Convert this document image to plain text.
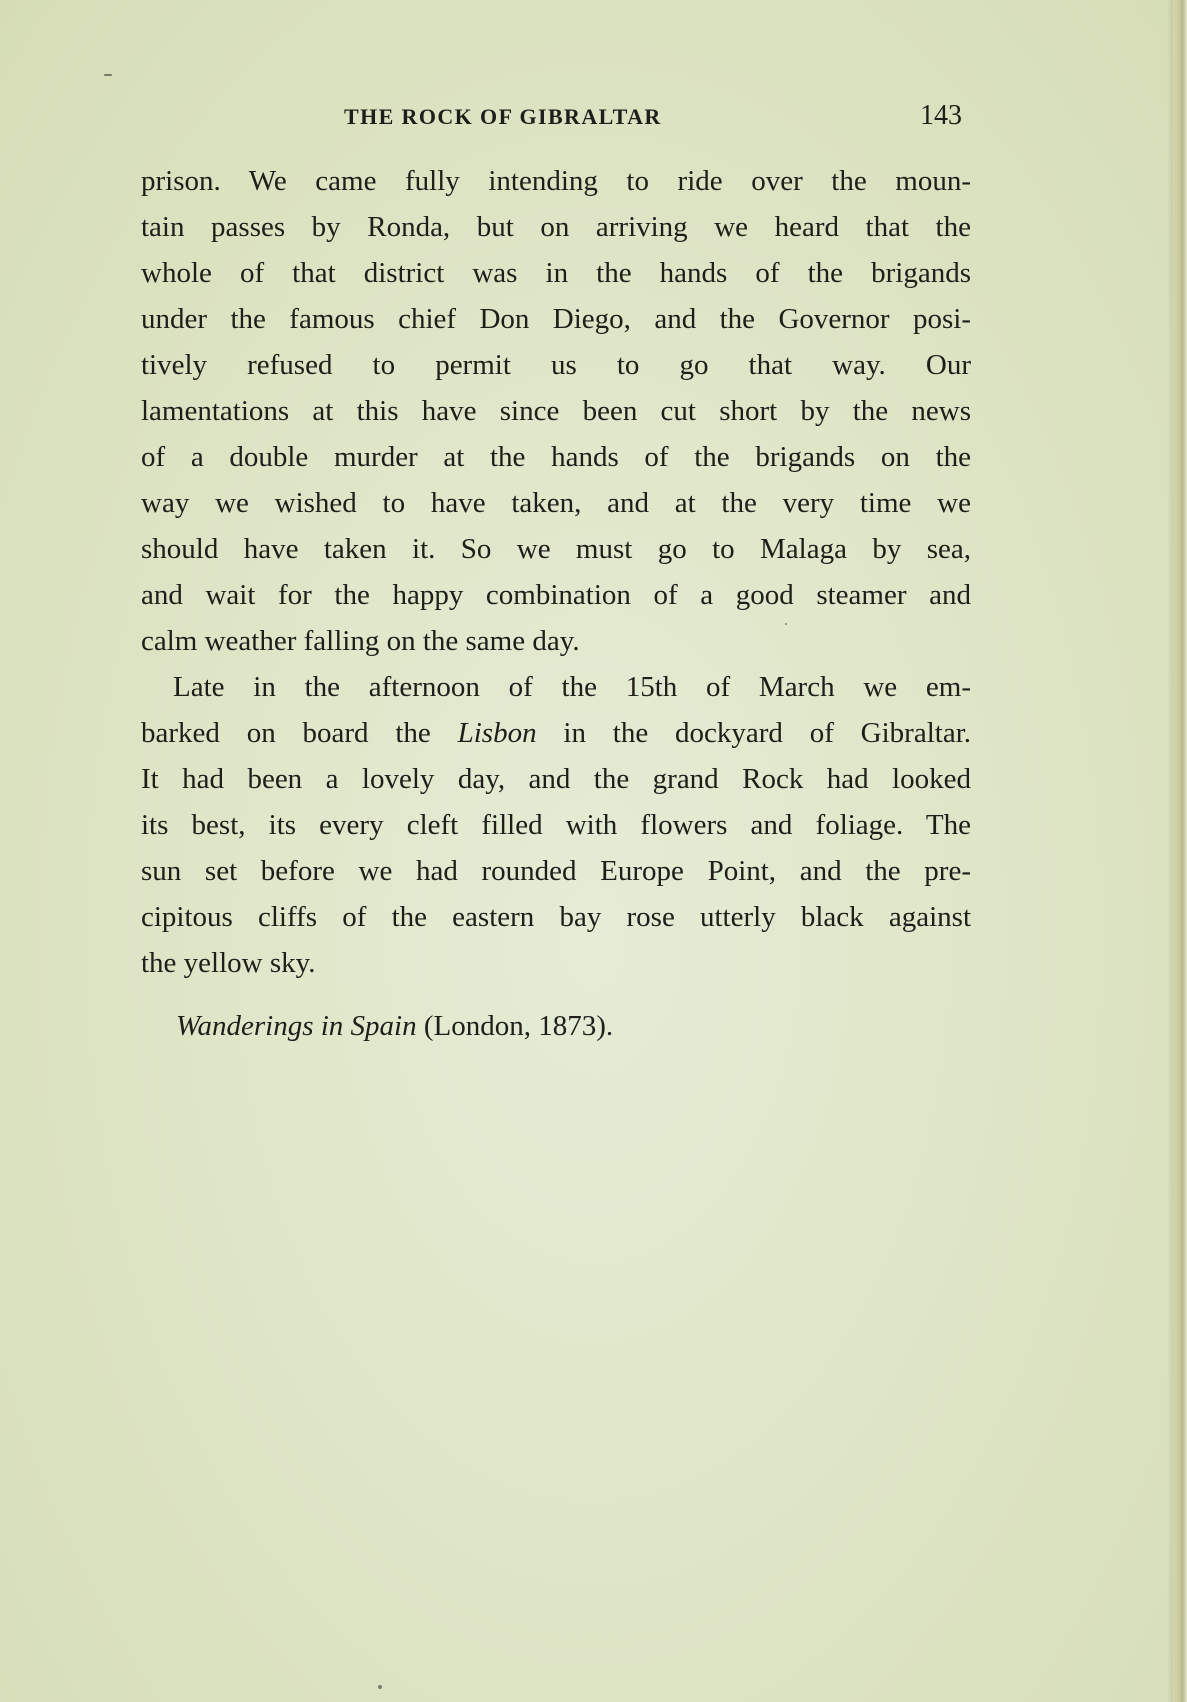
THE ROCK OF GIBRALTAR	143
prison. We came fully intending to ride over the moun-
tain passes by Ronda, but on arriving we heard that the
whole of that district was in the hands of the brigands
under the famous chief Don Diego, and the Governor posi-
tively refused to permit us to go that way. Our
lamentations at this have since been cut short by the news
of a double murder at the hands of the brigands on the
way we wished to have taken, and at the very time we
should have taken it. So we must go to Malaga by sea,
and wait for the happy combination of a good steamer and
calm weather falling on the same day.
Late in the afternoon of the 15th of March we em-
barked on board the Lisbon in the dockyard of Gibraltar.
It had been a lovely day, and the grand Rock had looked
its best, its every cleft filled with flowers and foliage. The
sun set before we had rounded Europe Point, and the pre-
cipitous cliffs of the eastern bay rose utterly black against
the yellow sky.
Wanderings in Spain (London, 1873).
